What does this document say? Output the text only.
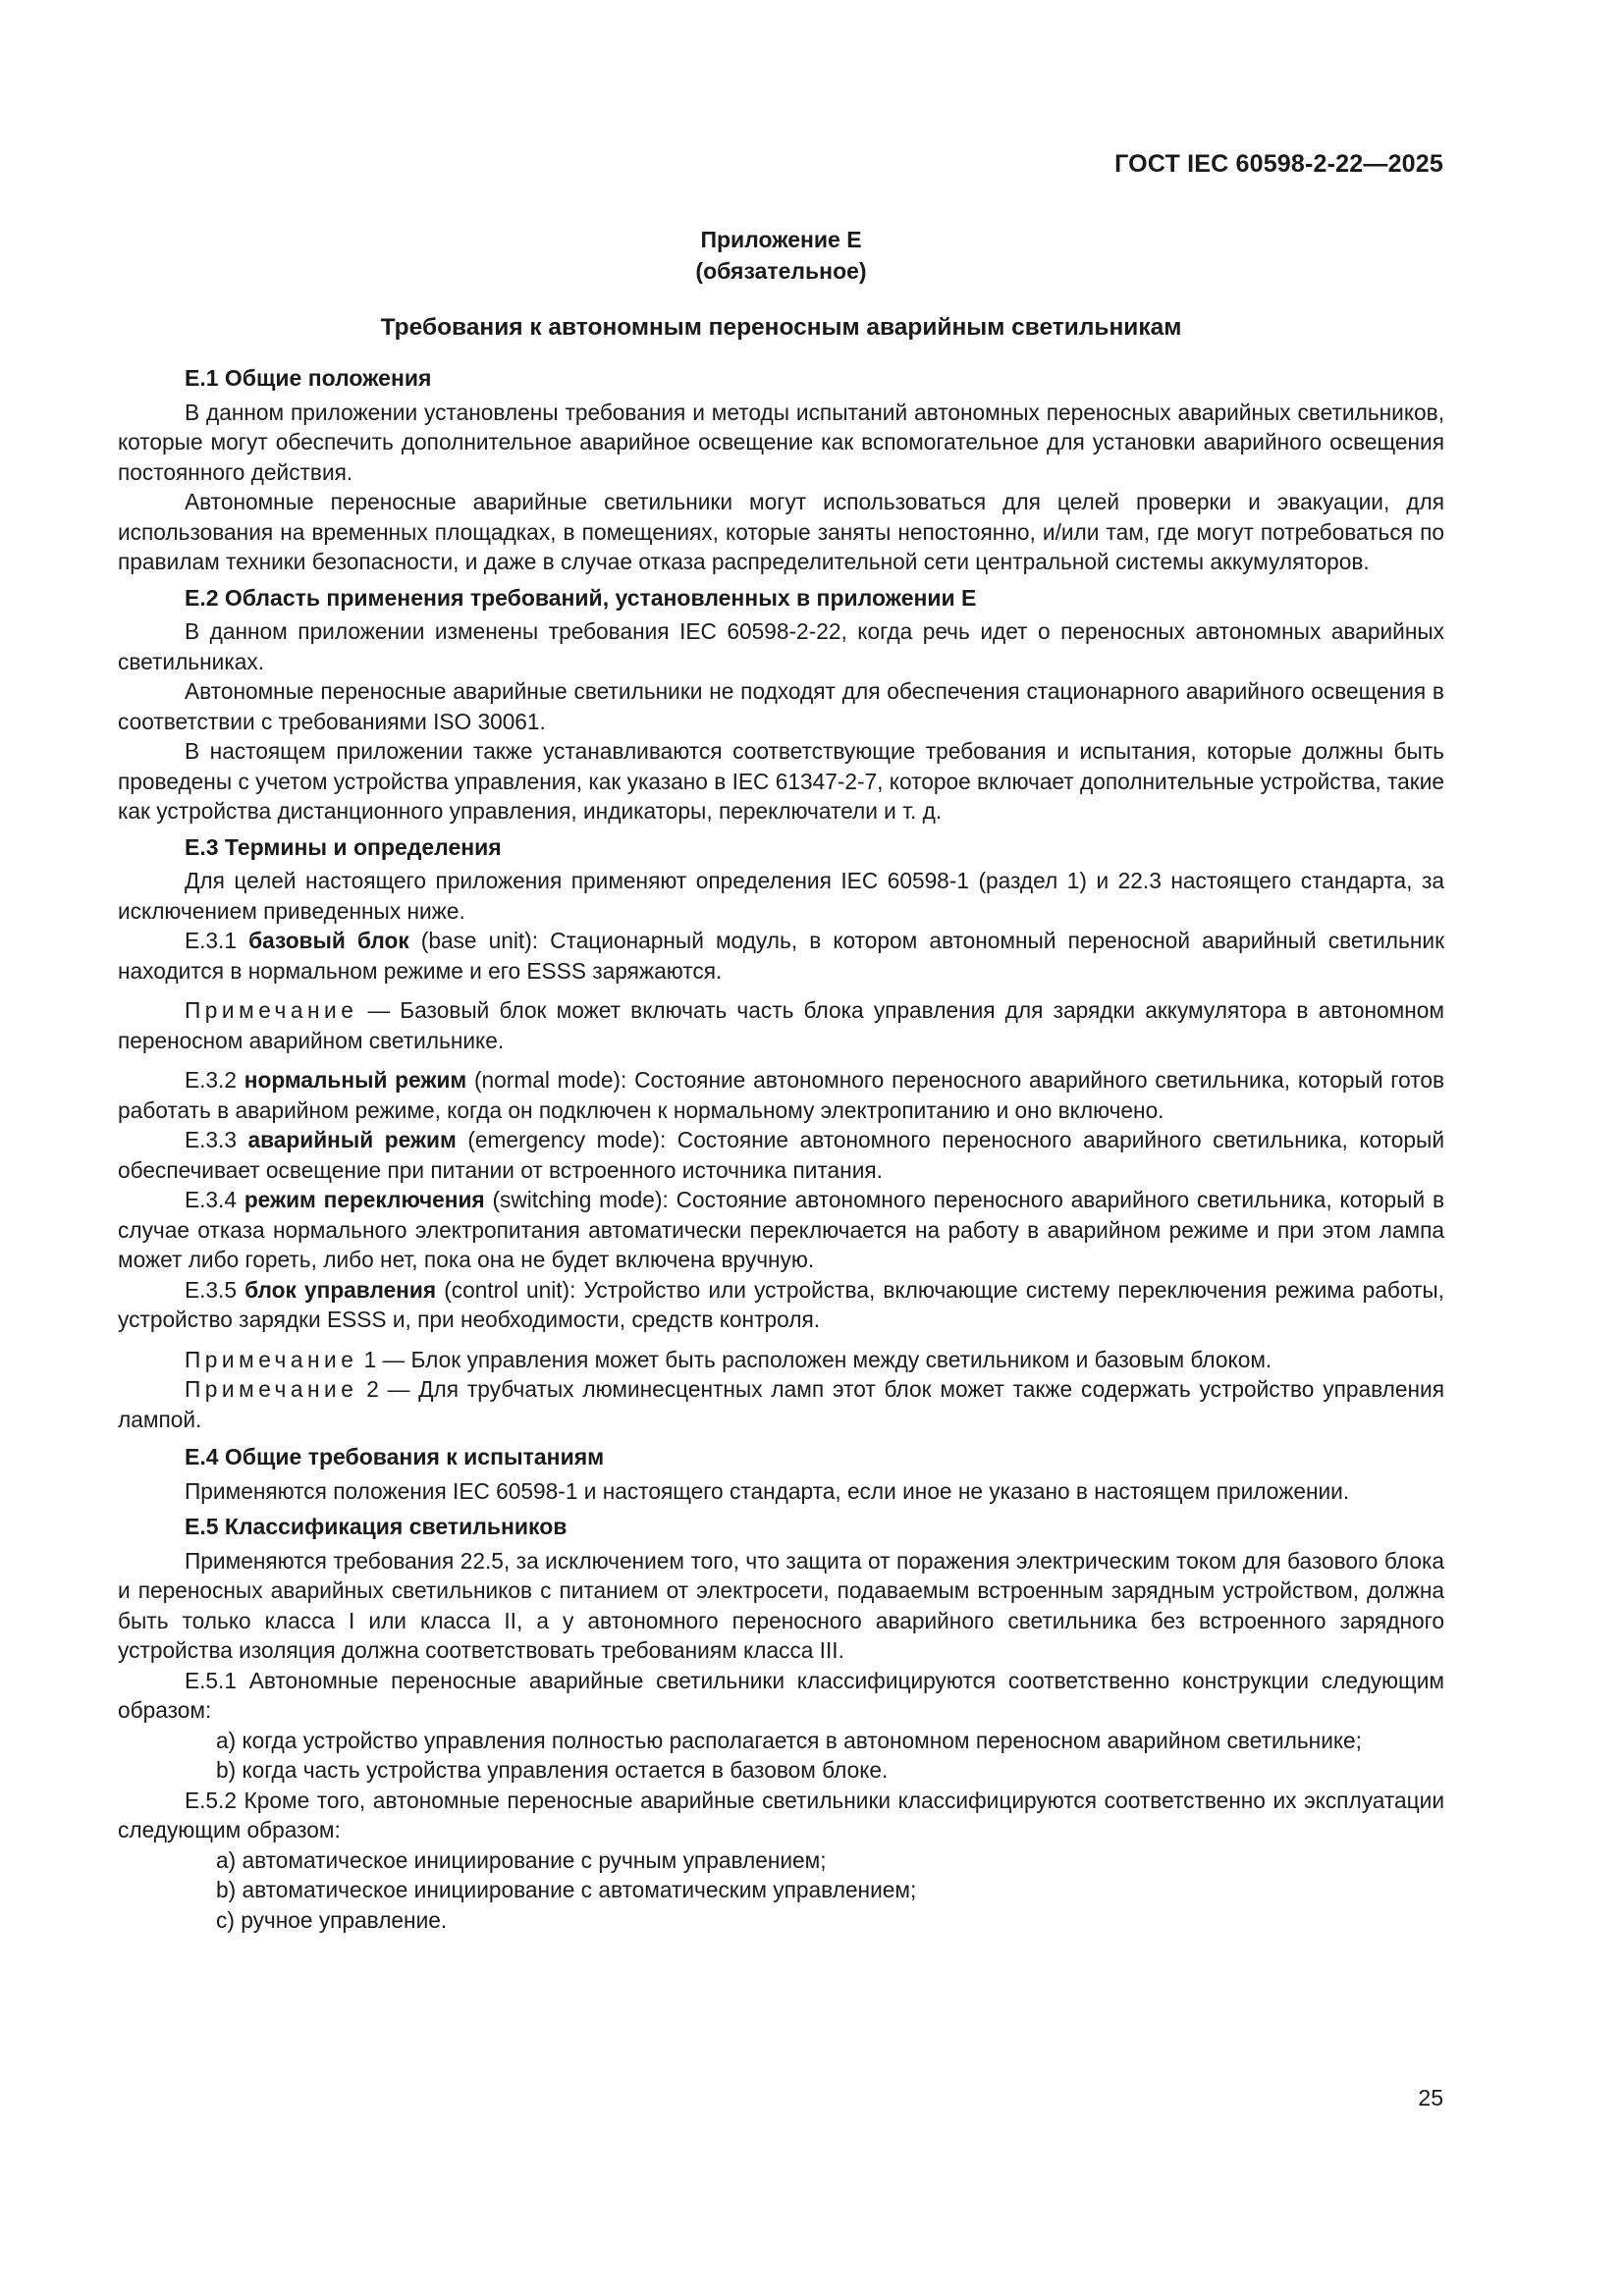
ГОСТ IEC 60598-2-22—2025
Приложение Е
(обязательное)
Требования к автономным переносным аварийным светильникам
Е.1 Общие положения

В данном приложении установлены требования и методы испытаний автономных переносных аварийных светильников, которые могут обеспечить дополнительное аварийное освещение как вспомогательное для установки аварийного освещения постоянного действия.

Автономные переносные аварийные светильники могут использоваться для целей проверки и эвакуации, для использования на временных площадках, в помещениях, которые заняты непостоянно, и/или там, где могут потребоваться по правилам техники безопасности, и даже в случае отказа распределительной сети центральной системы аккумуляторов.

Е.2 Область применения требований, установленных в приложении Е

В данном приложении изменены требования IEC 60598-2-22, когда речь идет о переносных автономных аварийных светильниках.

Автономные переносные аварийные светильники не подходят для обеспечения стационарного аварийного освещения в соответствии с требованиями ISO 30061.

В настоящем приложении также устанавливаются соответствующие требования и испытания, которые должны быть проведены с учетом устройства управления, как указано в IEC 61347-2-7, которое включает дополнительные устройства, такие как устройства дистанционного управления, индикаторы, переключатели и т. д.

Е.3 Термины и определения

Для целей настоящего приложения применяют определения IEC 60598-1 (раздел 1) и 22.3 настоящего стандарта, за исключением приведенных ниже.

Е.3.1 базовый блок (base unit): Стационарный модуль, в котором автономный переносной аварийный светильник находится в нормальном режиме и его ESSS заряжаются.

Примечание — Базовый блок может включать часть блока управления для зарядки аккумулятора в автономном переносном аварийном светильнике.

Е.3.2 нормальный режим (normal mode): Состояние автономного переносного аварийного светильника, который готов работать в аварийном режиме, когда он подключен к нормальному электропитанию и оно включено.

Е.3.3 аварийный режим (emergency mode): Состояние автономного переносного аварийного светильника, который обеспечивает освещение при питании от встроенного источника питания.

Е.3.4 режим переключения (switching mode): Состояние автономного переносного аварийного светильника, который в случае отказа нормального электропитания автоматически переключается на работу в аварийном режиме и при этом лампа может либо гореть, либо нет, пока она не будет включена вручную.

Е.3.5 блок управления (control unit): Устройство или устройства, включающие систему переключения режима работы, устройство зарядки ESSS и, при необходимости, средств контроля.

Примечание 1 — Блок управления может быть расположен между светильником и базовым блоком.

Примечание 2 — Для трубчатых люминесцентных ламп этот блок может также содержать устройство управления лампой.

Е.4 Общие требования к испытаниям

Применяются положения IEC 60598-1 и настоящего стандарта, если иное не указано в настоящем приложении.

Е.5 Классификация светильников

Применяются требования 22.5, за исключением того, что защита от поражения электрическим током для базового блока и переносных аварийных светильников с питанием от электросети, подаваемым встроенным зарядным устройством, должна быть только класса I или класса II, а у автономного переносного аварийного светильника без встроенного зарядного устройства изоляция должна соответствовать требованиям класса III.

Е.5.1 Автономные переносные аварийные светильники классифицируются соответственно конструкции следующим образом:

а) когда устройство управления полностью располагается в автономном переносном аварийном светильнике;

b) когда часть устройства управления остается в базовом блоке.

Е.5.2 Кроме того, автономные переносные аварийные светильники классифицируются соответственно их эксплуатации следующим образом:

а) автоматическое инициирование с ручным управлением;

b) автоматическое инициирование с автоматическим управлением;

с) ручное управление.

25
